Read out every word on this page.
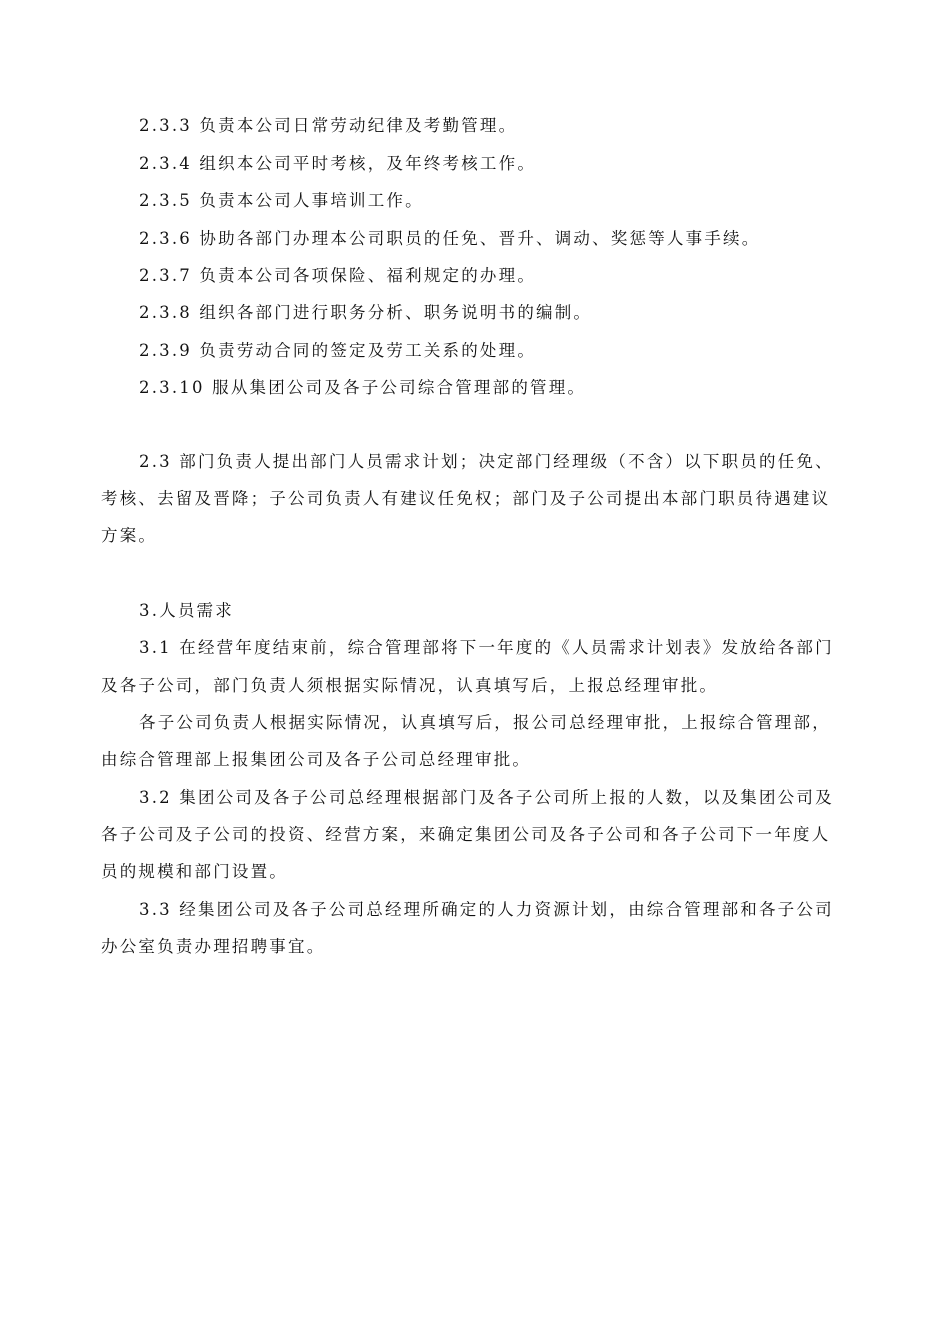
2.3.3 负责本公司日常劳动纪律及考勤管理。
2.3.4 组织本公司平时考核，及年终考核工作。
2.3.5 负责本公司人事培训工作。
2.3.6 协助各部门办理本公司职员的任免、晋升、调动、奖惩等人事手续。
2.3.7 负责本公司各项保险、福利规定的办理。
2.3.8 组织各部门进行职务分析、职务说明书的编制。
2.3.9 负责劳动合同的签定及劳工关系的处理。
2.3.10 服从集团公司及各子公司综合管理部的管理。
2.3 部门负责人提出部门人员需求计划；决定部门经理级（不含）以下职员的任免、
考核、去留及晋降；子公司负责人有建议任免权；部门及子公司提出本部门职员待遇建议
方案。
3.人员需求
3.1 在经营年度结束前，综合管理部将下一年度的《人员需求计划表》发放给各部门
及各子公司，部门负责人须根据实际情况，认真填写后，上报总经理审批。
各子公司负责人根据实际情况，认真填写后，报公司总经理审批，上报综合管理部，
由综合管理部上报集团公司及各子公司总经理审批。
3.2 集团公司及各子公司总经理根据部门及各子公司所上报的人数，以及集团公司及
各子公司及子公司的投资、经营方案，来确定集团公司及各子公司和各子公司下一年度人
员的规模和部门设置。
3.3 经集团公司及各子公司总经理所确定的人力资源计划，由综合管理部和各子公司
办公室负责办理招聘事宜。
